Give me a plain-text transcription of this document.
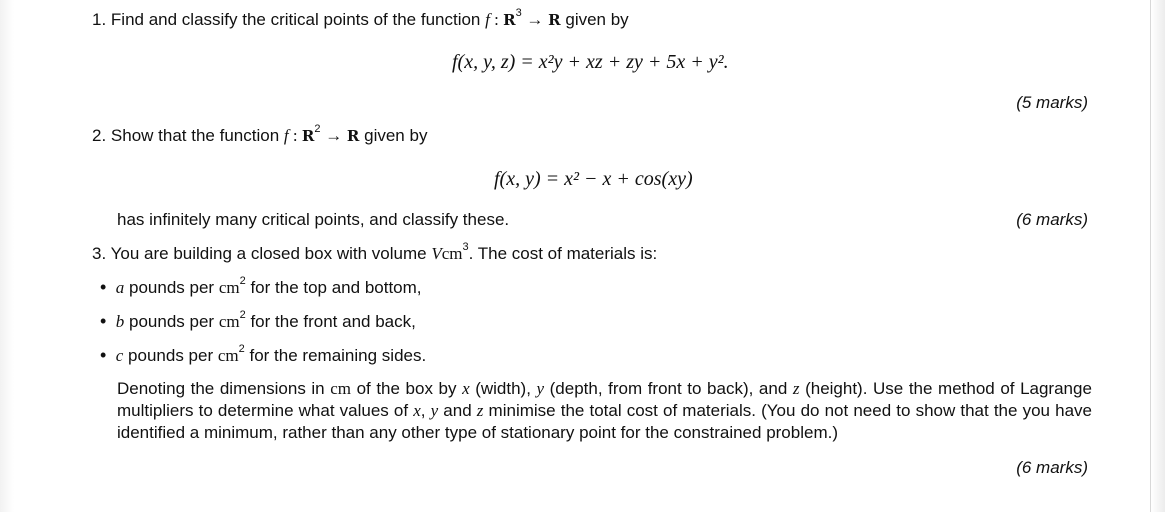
1. Find and classify the critical points of the function f : $R^3 \to R$ given by
f(x, y, z) = x²y + xz + zy + 5x + y².
(5 marks)
2. Show that the function f : $R^2 \to R$ given by
f(x, y) = x² − x + cos(xy)
has infinitely many critical points, and classify these.	(6 marks)
3. You are building a closed box with volume Vcm$^3$. The cost of materials is:
• a pounds per $cm^2$ for the top and bottom,
• b pounds per $cm^2$ for the front and back,
• c pounds per $cm^2$ for the remaining sides.
Denoting the dimensions in cm of the box by x (width), y (depth, from front to back), and z (height). Use the method of Lagrange multipliers to determine what values of x, y and z minimise the total cost of materials. (You do not need to show that the you have identified a minimum, rather than any other type of stationary point for the constrained problem.)
(6 marks)
